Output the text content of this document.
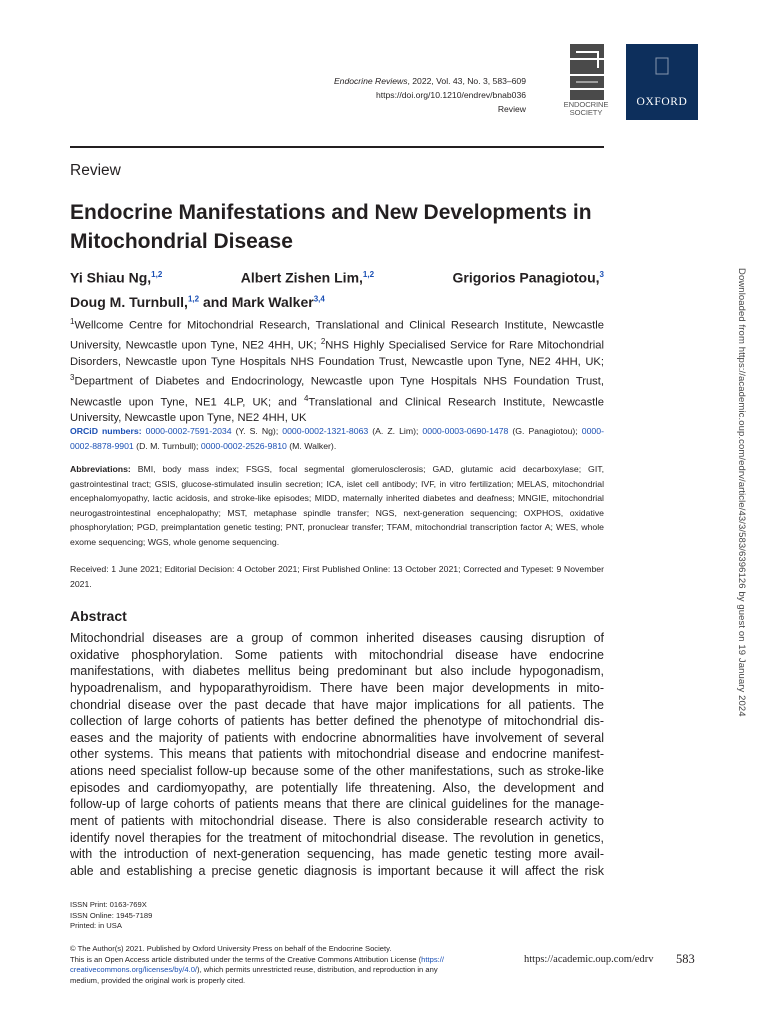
Endocrine Reviews, 2022, Vol. 43, No. 3, 583–609
https://doi.org/10.1210/endrev/bnab036
Review	ENDOCRINE
SOCIETY
OXFORD
Review
Endocrine Manifestations and New Developments in Mitochondrial Disease
Yi Shiau Ng,$^{1,2}$	Albert Zishen Lim,$^{1,2}$	Grigorios Panagiotou,$^3$
Doug M. Turnbull,$^{1,2}$ and Mark Walker$^{3,4}$
$^1$Wellcome Centre for Mitochondrial Research, Translational and Clinical Research Institute, Newcastle University, Newcastle upon Tyne, NE2 4HH, UK; $^2$NHS Highly Specialised Service for Rare Mitochondrial Disorders, Newcastle upon Tyne Hospitals NHS Foundation Trust, Newcastle upon Tyne, NE2 4HH, UK; $^3$Department of Diabetes and Endocrinology, Newcastle upon Tyne Hospitals NHS Foundation Trust, Newcastle upon Tyne, NE1 4LP, UK; and $^4$Translational and Clinical Research Institute, Newcastle University, Newcastle upon Tyne, NE2 4HH, UK
ORCiD numbers: 0000-0002-7591-2034 (Y. S. Ng); 0000-0002-1321-8063 (A. Z. Lim); 0000-0003-0690-1478 (G. Panagiotou); 0000-0002-8878-9901 (D. M. Turnbull); 0000-0002-2526-9810 (M. Walker).
Abbreviations: BMI, body mass index; FSGS, focal segmental glomerulosclerosis; GAD, glutamic acid decarboxylase; GIT, gastrointestinal tract; GSIS, glucose-stimulated insulin secretion; ICA, islet cell antibody; IVF, in vitro fertilization; MELAS, mitochondrial encephalomyopathy, lactic acidosis, and stroke-like episodes; MIDD, maternally inherited diabetes and deafness; MNGIE, mitochondrial neurogastrointestinal encephalopathy; MST, metaphase spindle transfer; NGS, next-generation sequencing; OXPHOS, oxidative phosphorylation; PGD, preimplantation genetic testing; PNT, pronuclear transfer; TFAM, mitochondrial transcription factor A; WES, whole exome sequencing; WGS, whole genome sequencing.
Received: 1 June 2021; Editorial Decision: 4 October 2021; First Published Online: 13 October 2021; Corrected and Typeset: 9 November 2021.
Abstract
Mitochondrial diseases are a group of common inherited diseases causing disruption of
oxidative phosphorylation. Some patients with mitochondrial disease have endocrine
manifestations, with diabetes mellitus being predominant but also include hypogonadism,
hypoadrenalism, and hypoparathyroidism. There have been major developments in mito-
chondrial disease over the past decade that have major implications for all patients. The
collection of large cohorts of patients has better defined the phenotype of mitochondrial dis-
eases and the majority of patients with endocrine abnormalities have involvement of several
other systems. This means that patients with mitochondrial disease and endocrine manifest-
ations need specialist follow-up because some of the other manifestations, such as stroke-like
episodes and cardiomyopathy, are potentially life threatening. Also, the development and
follow-up of large cohorts of patients means that there are clinical guidelines for the manage-
ment of patients with mitochondrial disease. There is also considerable research activity to
identify novel therapies for the treatment of mitochondrial disease. The revolution in genetics,
with the introduction of next-generation sequencing, has made genetic testing more avail-
able and establishing a precise genetic diagnosis is important because it will affect the risk
ISSN Print: 0163-769X
ISSN Online: 1945-7189
Printed: in USA
© The Author(s) 2021. Published by Oxford University Press on behalf of the Endocrine Society.
This is an Open Access article distributed under the terms of the Creative Commons Attribution License (https://
creativecommons.org/licenses/by/4.0/), which permits unrestricted reuse, distribution, and reproduction in any
medium, provided the original work is properly cited.
https://academic.oup.com/edrv 583
Downloaded from https://academic.oup.com/edrv/article/43/3/583/6396126 by guest on 19 January 2024
